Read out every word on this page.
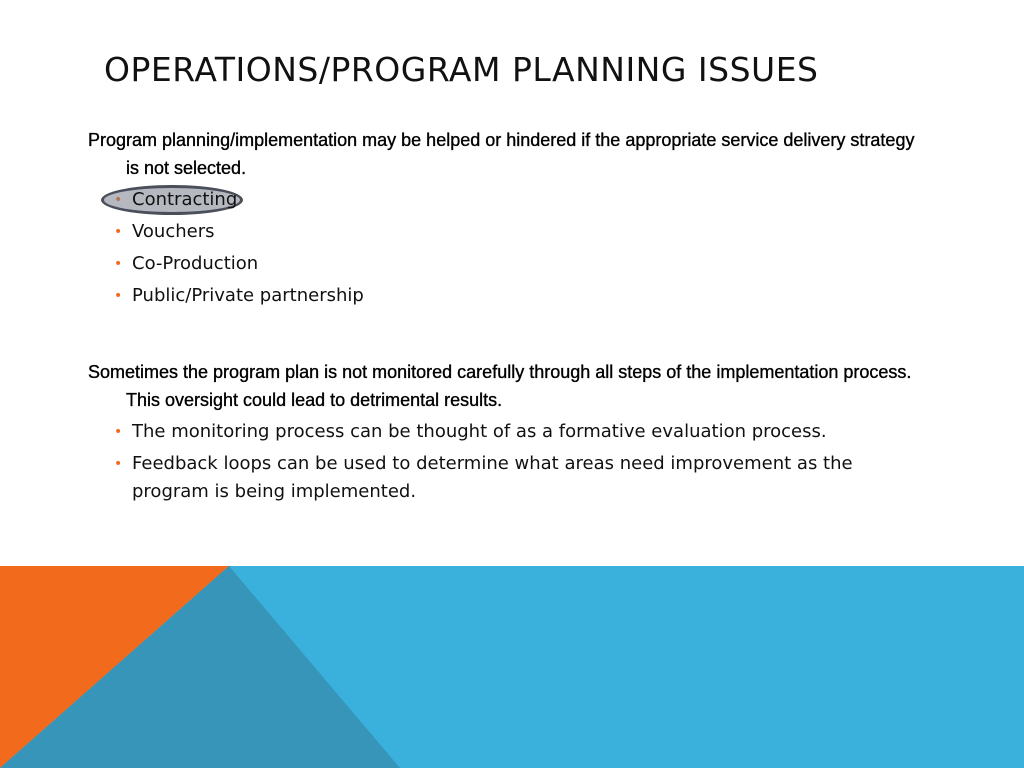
OPERATIONS/PROGRAM PLANNING ISSUES

Program planning/implementation may be helped or hindered if the appropriate service delivery strategy is not selected.

Contracting
• Vouchers
• Co-Production
• Public/Private partnership

Sometimes the program plan is not monitored carefully through all steps of the implementation process. This oversight could lead to detrimental results.

• The monitoring process can be thought of as a formative evaluation process.
• Feedback loops can be used to determine what areas need improvement as the program is being implemented.
